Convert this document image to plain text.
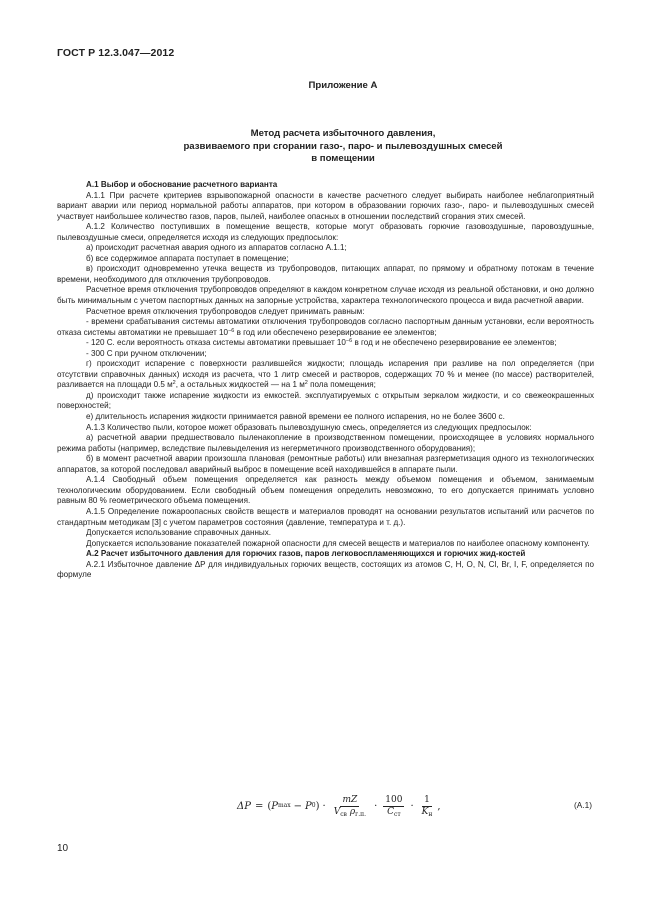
ГОСТ Р 12.3.047—2012
Приложение А
Метод расчета избыточного давления,
развиваемого при сгорании газо-, паро- и пылевоздушных смесей
в помещении

А.1 Выбор и обоснование расчетного варианта

А.1.1 При расчете критериев взрывопожарной опасности в качестве расчетного следует выбирать наиболее неблагоприятный вариант аварии или период нормальной работы аппаратов, при котором в образовании горючих газо-, паро- и пылевоздушных смесей участвует наибольшее количество газов, паров, пылей, наиболее опасных в отношении последствий сгорания этих смесей.

А.1.2 Количество поступивших в помещение веществ, которые могут образовать горючие газовоздушные, паровоздушные, пылевоздушные смеси, определяется исходя из следующих предпосылок:

а) происходит расчетная авария одного из аппаратов согласно А.1.1;

б) все содержимое аппарата поступает в помещение;

в) происходит одновременно утечка веществ из трубопроводов, питающих аппарат, по прямому и обратному потокам в течение времени, необходимого для отключения трубопроводов.

Расчетное время отключения трубопроводов определяют в каждом конкретном случае исходя из реальной обстановки, и оно должно быть минимальным с учетом паспортных данных на запорные устройства, характера технологического процесса и вида расчетной аварии.

Расчетное время отключения трубопроводов следует принимать равным:

- времени срабатывания системы автоматики отключения трубопроводов согласно паспортным данным установки, если вероятность отказа системы автоматики не превышает $10^{-6}$ в год или обеспечено резервирование ее элементов;

- 120 С. если вероятность отказа системы автоматики превышает $10^{-6}$ в год и не обеспечено резервирование ее элементов;

- 300 С при ручном отключении;

г) происходит испарение с поверхности разлившейся жидкости; площадь испарения при разливе на пол определяется (при отсутствии справочных данных) исходя из расчета, что 1 литр смесей и растворов, содержащих 70 % и менее (по массе) растворителей, разливается на площади 0.5 $м^2$, а остальных жидкостей — на 1 $м^2$ пола помещения;

д) происходит также испарение жидкости из емкостей. эксплуатируемых с открытым зеркалом жидкости, и со свежеокрашенных поверхностей;

е) длительность испарения жидкости принимается равной времени ее полного испарения, но не более 3600 с.

А.1.3 Количество пыли, которое может образовать пылевоздушную смесь, определяется из следующих предпосылок:

а) расчетной аварии предшествовало пыленакопление в производственном помещении, происходящее в условиях нормального режима работы (например, вследствие пылевыделения из негерметичного производственного оборудования);

б) в момент расчетной аварии произошла плановая (ремонтные работы) или внезапная разгерметизация одного из технологических аппаратов, за которой последовал аварийный выброс в помещение всей находившейся в аппарате пыли.

А.1.4 Свободный объем помещения определяется как разность между объемом помещения и объемом, занимаемым технологическим оборудованием. Если свободный объем помещения определить невозможно, то его допускается принимать условно равным 80 % геометрического объема помещения.

А.1.5 Определение пожароопасных свойств веществ и материалов проводят на основании результатов испытаний или расчетов по стандартным методикам [3] с учетом параметров состояния (давление, температура и т. д.).

Допускается использование справочных данных.

Допускается использование показателей пожарной опасности для смесей веществ и материалов по наиболее опасному компоненту.

А.2 Расчет избыточного давления для горючих газов, паров легковоспламеняющихся и горючих жид-костей

А.2.1 Избыточное давление ΔP для индивидуальных горючих веществ, состоящих из атомов C, H, O, N, Cl, Br, I, F, определяется по формуле

ΔP = ( P max − P 0 ) · $\frac{mZ}{V_{св} \rho_{г.п.}} \cdot \frac{100}{C_{ст}} \cdot \frac{1}{K_н}$ ,	(А.1)
10
